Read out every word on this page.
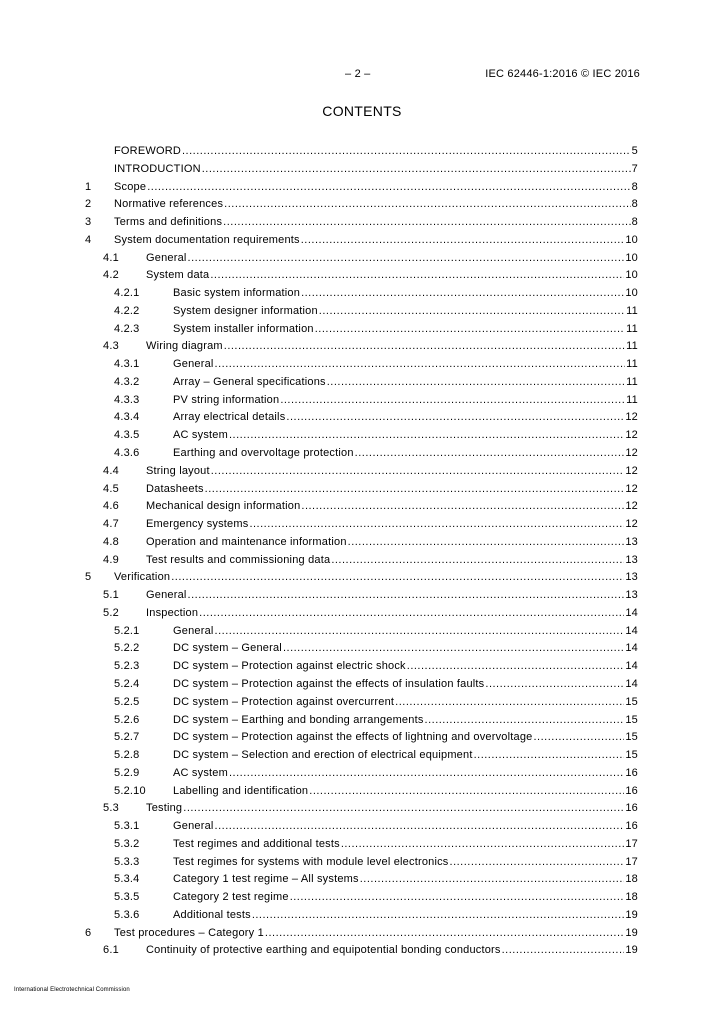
– 2 –	IEC 62446-1:2016 © IEC 2016
CONTENTS
FOREWORD .....	5
INTRODUCTION .....	7
1	Scope .....	8
2	Normative references .....	8
3	Terms and definitions .....	8
4	System documentation requirements .....	10
4.1	General .....	10
4.2	System data .....	10
4.2.1	Basic system information .....	10
4.2.2	System designer information .....	11
4.2.3	System installer information .....	11
4.3	Wiring diagram .....	11
4.3.1	General .....	11
4.3.2	Array – General specifications .....	11
4.3.3	PV string information .....	11
4.3.4	Array electrical details .....	12
4.3.5	AC system .....	12
4.3.6	Earthing and overvoltage protection .....	12
4.4	String layout .....	12
4.5	Datasheets .....	12
4.6	Mechanical design information .....	12
4.7	Emergency systems .....	12
4.8	Operation and maintenance information .....	13
4.9	Test results and commissioning data .....	13
5	Verification .....	13
5.1	General .....	13
5.2	Inspection .....	14
5.2.1	General .....	14
5.2.2	DC system – General .....	14
5.2.3	DC system – Protection against electric shock .....	14
5.2.4	DC system – Protection against the effects of insulation faults .....	14
5.2.5	DC system – Protection against overcurrent .....	15
5.2.6	DC system – Earthing and bonding arrangements .....	15
5.2.7	DC system – Protection against the effects of lightning and overvoltage .....	15
5.2.8	DC system – Selection and erection of electrical equipment .....	15
5.2.9	AC system .....	16
5.2.10	Labelling and identification .....	16
5.3	Testing .....	16
5.3.1	General .....	16
5.3.2	Test regimes and additional tests .....	17
5.3.3	Test regimes for systems with module level electronics .....	17
5.3.4	Category 1 test regime – All systems .....	18
5.3.5	Category 2 test regime .....	18
5.3.6	Additional tests .....	19
6	Test procedures – Category 1 .....	19
6.1	Continuity of protective earthing and equipotential bonding conductors .....	19
International Electrotechnical Commission
